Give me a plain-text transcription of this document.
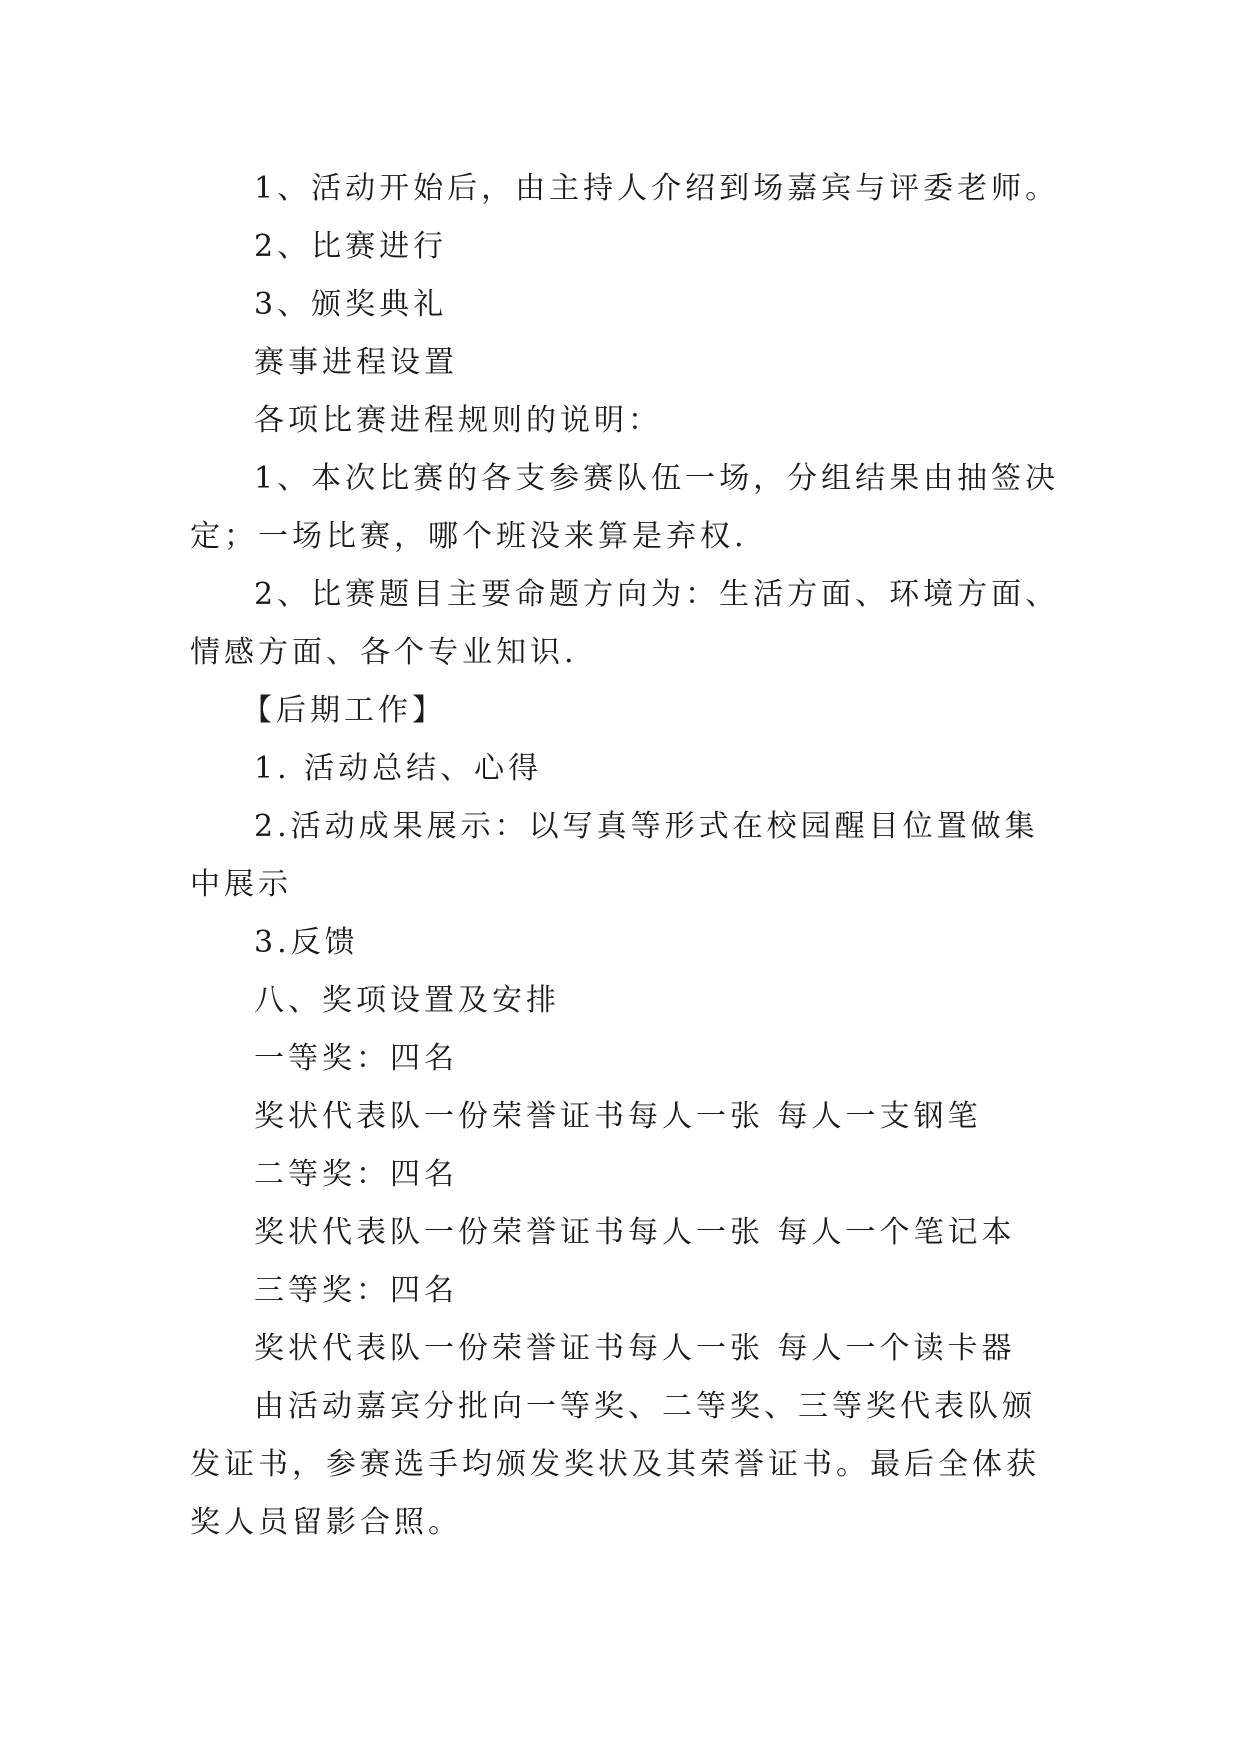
1、活动开始后，由主持人介绍到场嘉宾与评委老师。

2、比赛进行

3、颁奖典礼

赛事进程设置

各项比赛进程规则的说明：

1、本次比赛的各支参赛队伍一场，分组结果由抽签决定；一场比赛，哪个班没来算是弃权.

2、比赛题目主要命题方向为：生活方面、环境方面、情感方面、各个专业知识.

【后期工作】

1. 活动总结、心得

2.活动成果展示：以写真等形式在校园醒目位置做集中展示

3.反馈

八、奖项设置及安排

一等奖：四名

奖状代表队一份荣誉证书每人一张 每人一支钢笔

二等奖：四名

奖状代表队一份荣誉证书每人一张 每人一个笔记本

三等奖：四名

奖状代表队一份荣誉证书每人一张 每人一个读卡器

由活动嘉宾分批向一等奖、二等奖、三等奖代表队颁发证书，参赛选手均颁发奖状及其荣誉证书。最后全体获奖人员留影合照。
